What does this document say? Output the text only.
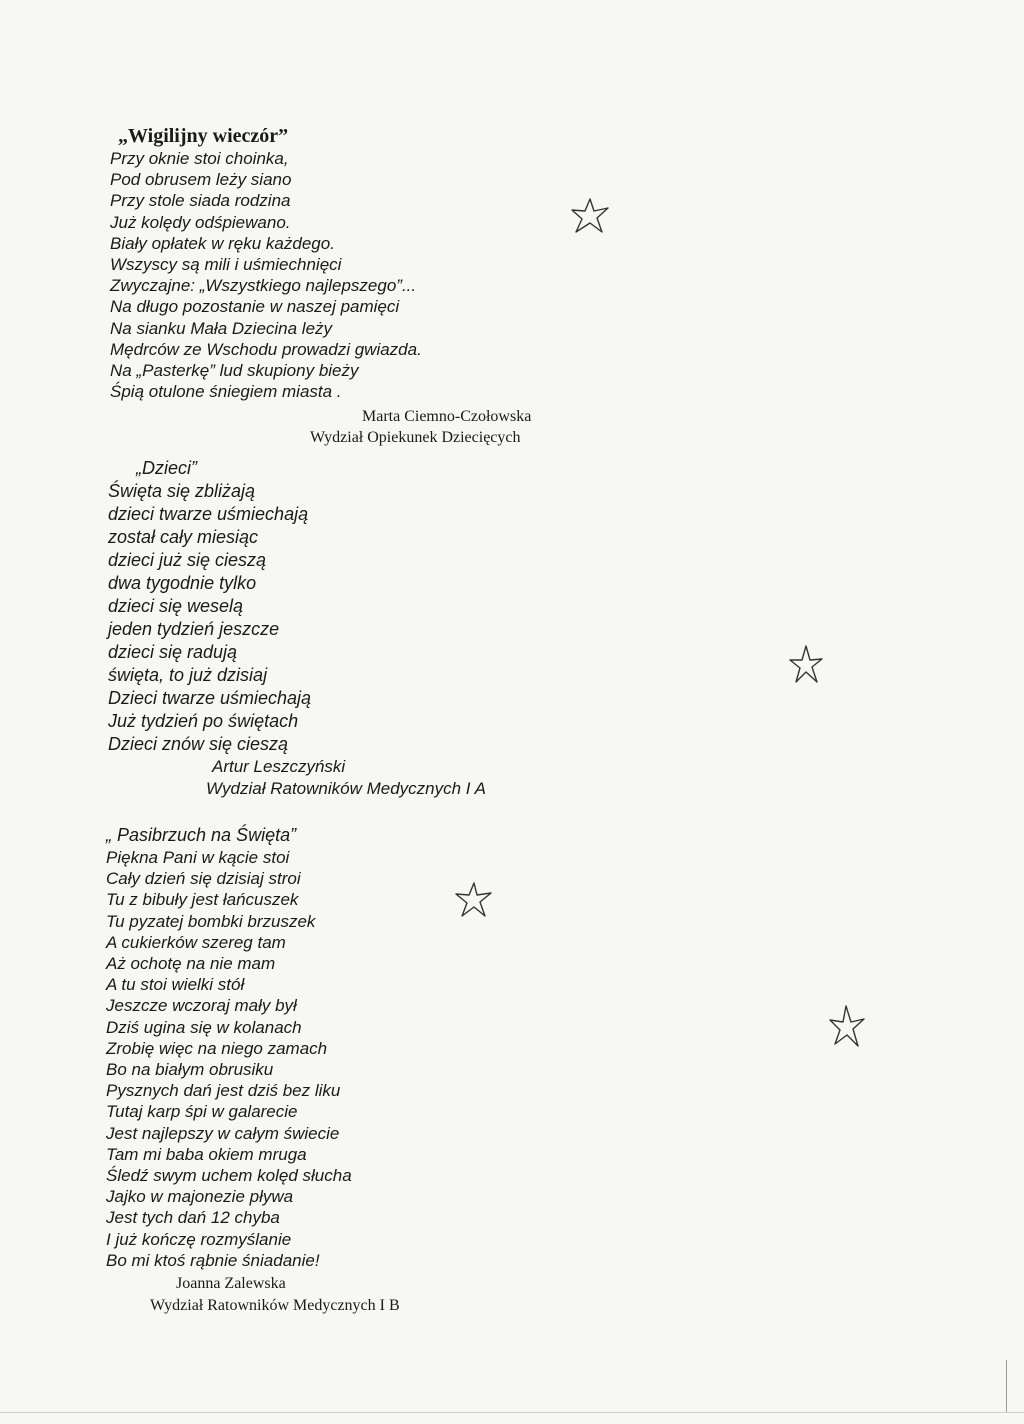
„Wigilijny wieczór”
Przy oknie stoi choinka,
Pod obrusem leży siano
Przy stole siada rodzina
Już kolędy odśpiewano.
Biały opłatek w ręku każdego.
Wszyscy są mili i uśmiechnięci
Zwyczajne: „Wszystkiego najlepszego”...
Na długo pozostanie w naszej pamięci
Na sianku Mała Dziecina leży
Mędrców ze Wschodu prowadzi gwiazda.
Na „Pasterkę” lud skupiony bieży
Śpią otulone śniegiem miasta .
Marta Ciemno-Czołowska
Wydział Opiekunek Dziecięcych
„Dzieci”
Święta się zbliżają
dzieci twarze uśmiechają
został cały miesiąc
dzieci już się cieszą
dwa tygodnie tylko
dzieci się weselą
jeden tydzień jeszcze
dzieci się radują
święta, to już dzisiaj
Dzieci twarze uśmiechają
Już tydzień po świętach
Dzieci znów się cieszą
Artur Leszczyński
Wydział Ratowników Medycznych I A
„ Pasibrzuch na Święta”
Piękna Pani w kącie stoi
Cały dzień się dzisiaj stroi
Tu z bibuły jest łańcuszek
Tu pyzatej bombki brzuszek
A cukierków szereg tam
Aż ochotę na nie mam
A tu stoi wielki stół
Jeszcze wczoraj mały był
Dziś ugina się w kolanach
Zrobię więc na niego zamach
Bo na białym obrusiku
Pysznych dań jest dziś bez liku
Tutaj karp śpi w galarecie
Jest najlepszy w całym świecie
Tam mi baba okiem mruga
Śledź swym uchem kolęd słucha
Jajko w majonezie pływa
Jest tych dań 12 chyba
I już kończę rozmyślanie
Bo mi ktoś rąbnie śniadanie!
Joanna Zalewska
Wydział Ratowników Medycznych I B
